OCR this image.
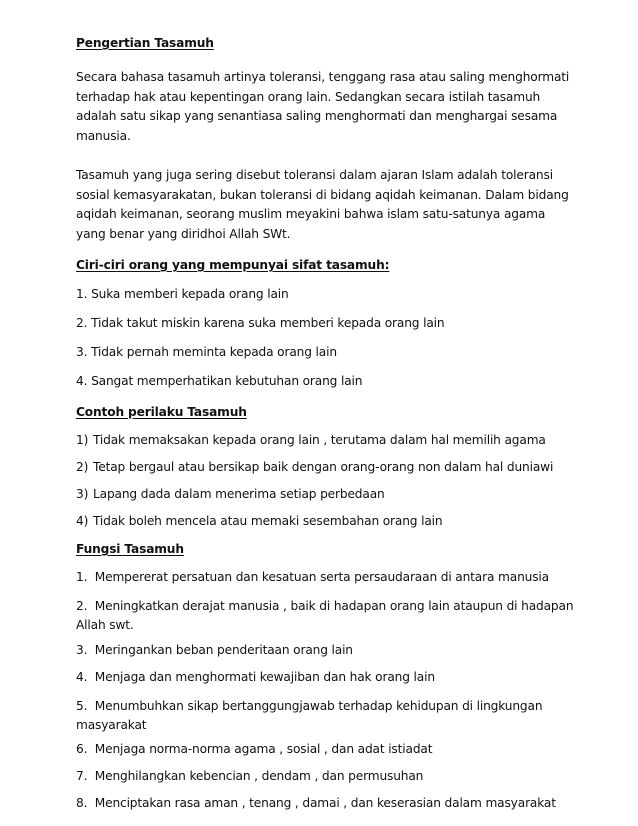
Pengertian Tasamuh

Secara bahasa tasamuh artinya toleransi, tenggang rasa atau saling menghormati terhadap hak atau kepentingan orang lain. Sedangkan secara istilah tasamuh adalah satu sikap yang senantiasa saling menghormati dan menghargai sesama manusia.

Tasamuh yang juga sering disebut toleransi dalam ajaran Islam adalah toleransi sosial kemasyarakatan, bukan toleransi di bidang aqidah keimanan. Dalam bidang aqidah keimanan, seorang muslim meyakini bahwa islam satu-satunya agama yang benar yang diridhoi Allah SWt.

Ciri-ciri orang yang mempunyai sifat tasamuh:
1. Suka memberi kepada orang lain
2. Tidak takut miskin karena suka memberi kepada orang lain
3. Tidak pernah meminta kepada orang lain
4. Sangat memperhatikan kebutuhan orang lain
Contoh perilaku Tasamuh
1) Tidak memaksakan kepada orang lain , terutama dalam hal memilih agama
2) Tetap bergaul atau bersikap baik dengan orang-orang non dalam hal duniawi
3) Lapang dada dalam menerima setiap perbedaan
4) Tidak boleh mencela atau memaki sesembahan orang lain
Fungsi Tasamuh
1. Mempererat persatuan dan kesatuan serta persaudaraan di antara manusia
2. Meningkatkan derajat manusia , baik di hadapan orang lain ataupun di hadapan Allah swt.
3. Meringankan beban penderitaan orang lain
4. Menjaga dan menghormati kewajiban dan hak orang lain
5. Menumbuhkan sikap bertanggungjawab terhadap kehidupan di lingkungan masyarakat
6. Menjaga norma-norma agama , sosial , dan adat istiadat
7. Menghilangkan kebencian , dendam , dan permusuhan
8. Menciptakan rasa aman , tenang , damai , dan keserasian dalam masyarakat
